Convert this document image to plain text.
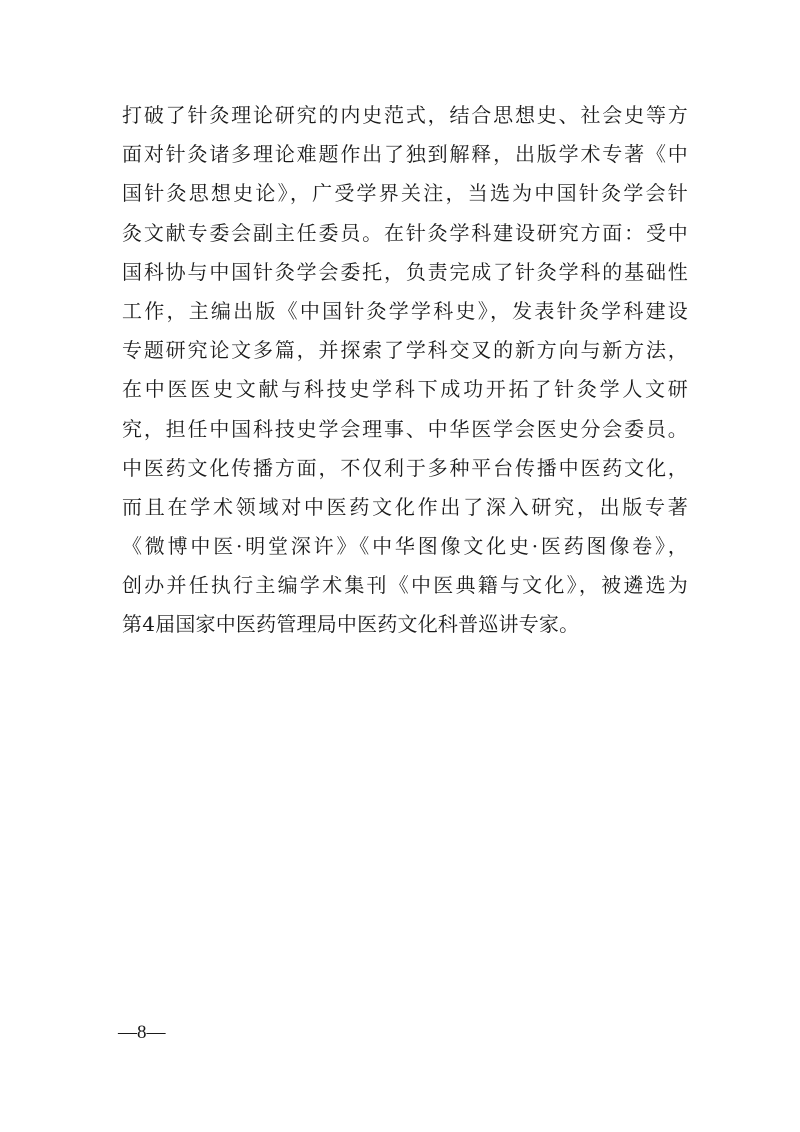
打破了针灸理论研究的内史范式，结合思想史、社会史等方
面对针灸诸多理论难题作出了独到解释，出版学术专著《中
国针灸思想史论》，广受学界关注，当选为中国针灸学会针
灸文献专委会副主任委员。在针灸学科建设研究方面：受中
国科协与中国针灸学会委托，负责完成了针灸学科的基础性
工作，主编出版《中国针灸学学科史》，发表针灸学科建设
专题研究论文多篇，并探索了学科交叉的新方向与新方法，
在中医医史文献与科技史学科下成功开拓了针灸学人文研
究，担任中国科技史学会理事、中华医学会医史分会委员。
中医药文化传播方面，不仅利于多种平台传播中医药文化，
而且在学术领域对中医药文化作出了深入研究，出版专著
《微博中医·明堂深许》《中华图像文化史·医药图像卷》，
创办并任执行主编学术集刊《中医典籍与文化》，被遴选为
第4届国家中医药管理局中医药文化科普巡讲专家。
—8—
